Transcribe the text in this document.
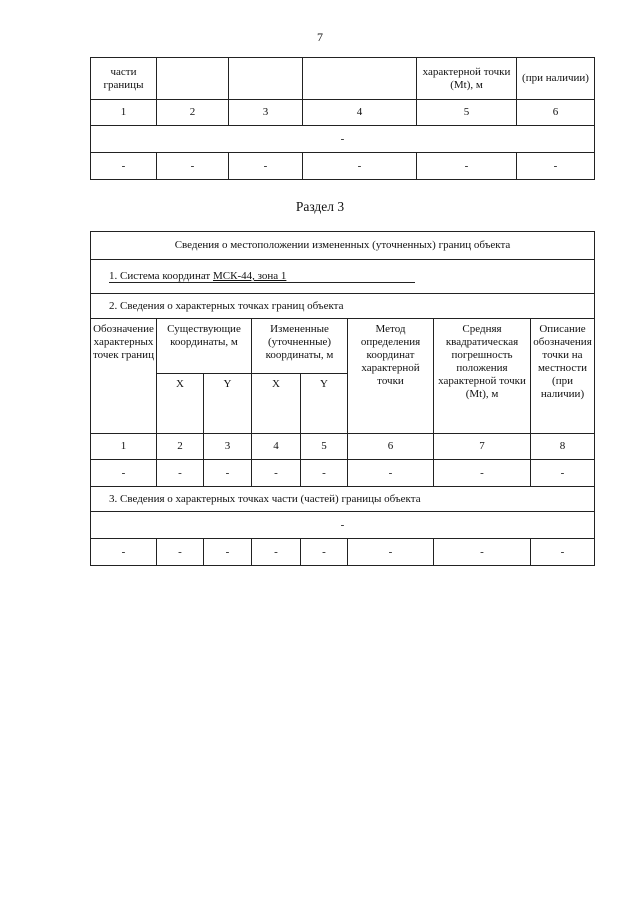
7
части границы				характерной точки (Mt), м	(при наличии)
1	2	3	4	5	6
-					
-	-	-	-	-	-
Раздел 3
Сведения о местоположении измененных (уточненных) границ объекта							
1. Система координат МСК-44, зона 1							

2. Сведения о характерных точках границ объекта							
Обозначение характерных точек границ	Существующие координаты, м		Измененные (уточненные) координаты, м		Метод определения координат характерной точки	Средняя квадратическая погрешность положения характерной точки (Mt), м	Описание обозначения точки на местности (при наличии)
	X	Y	X	Y			
1	2	3	4	5	6	7	8
-	-	-	-	-	-	-	-
3. Сведения о характерных точках части (частей) границы объекта							
-							
-	-	-	-	-	-	-	-
